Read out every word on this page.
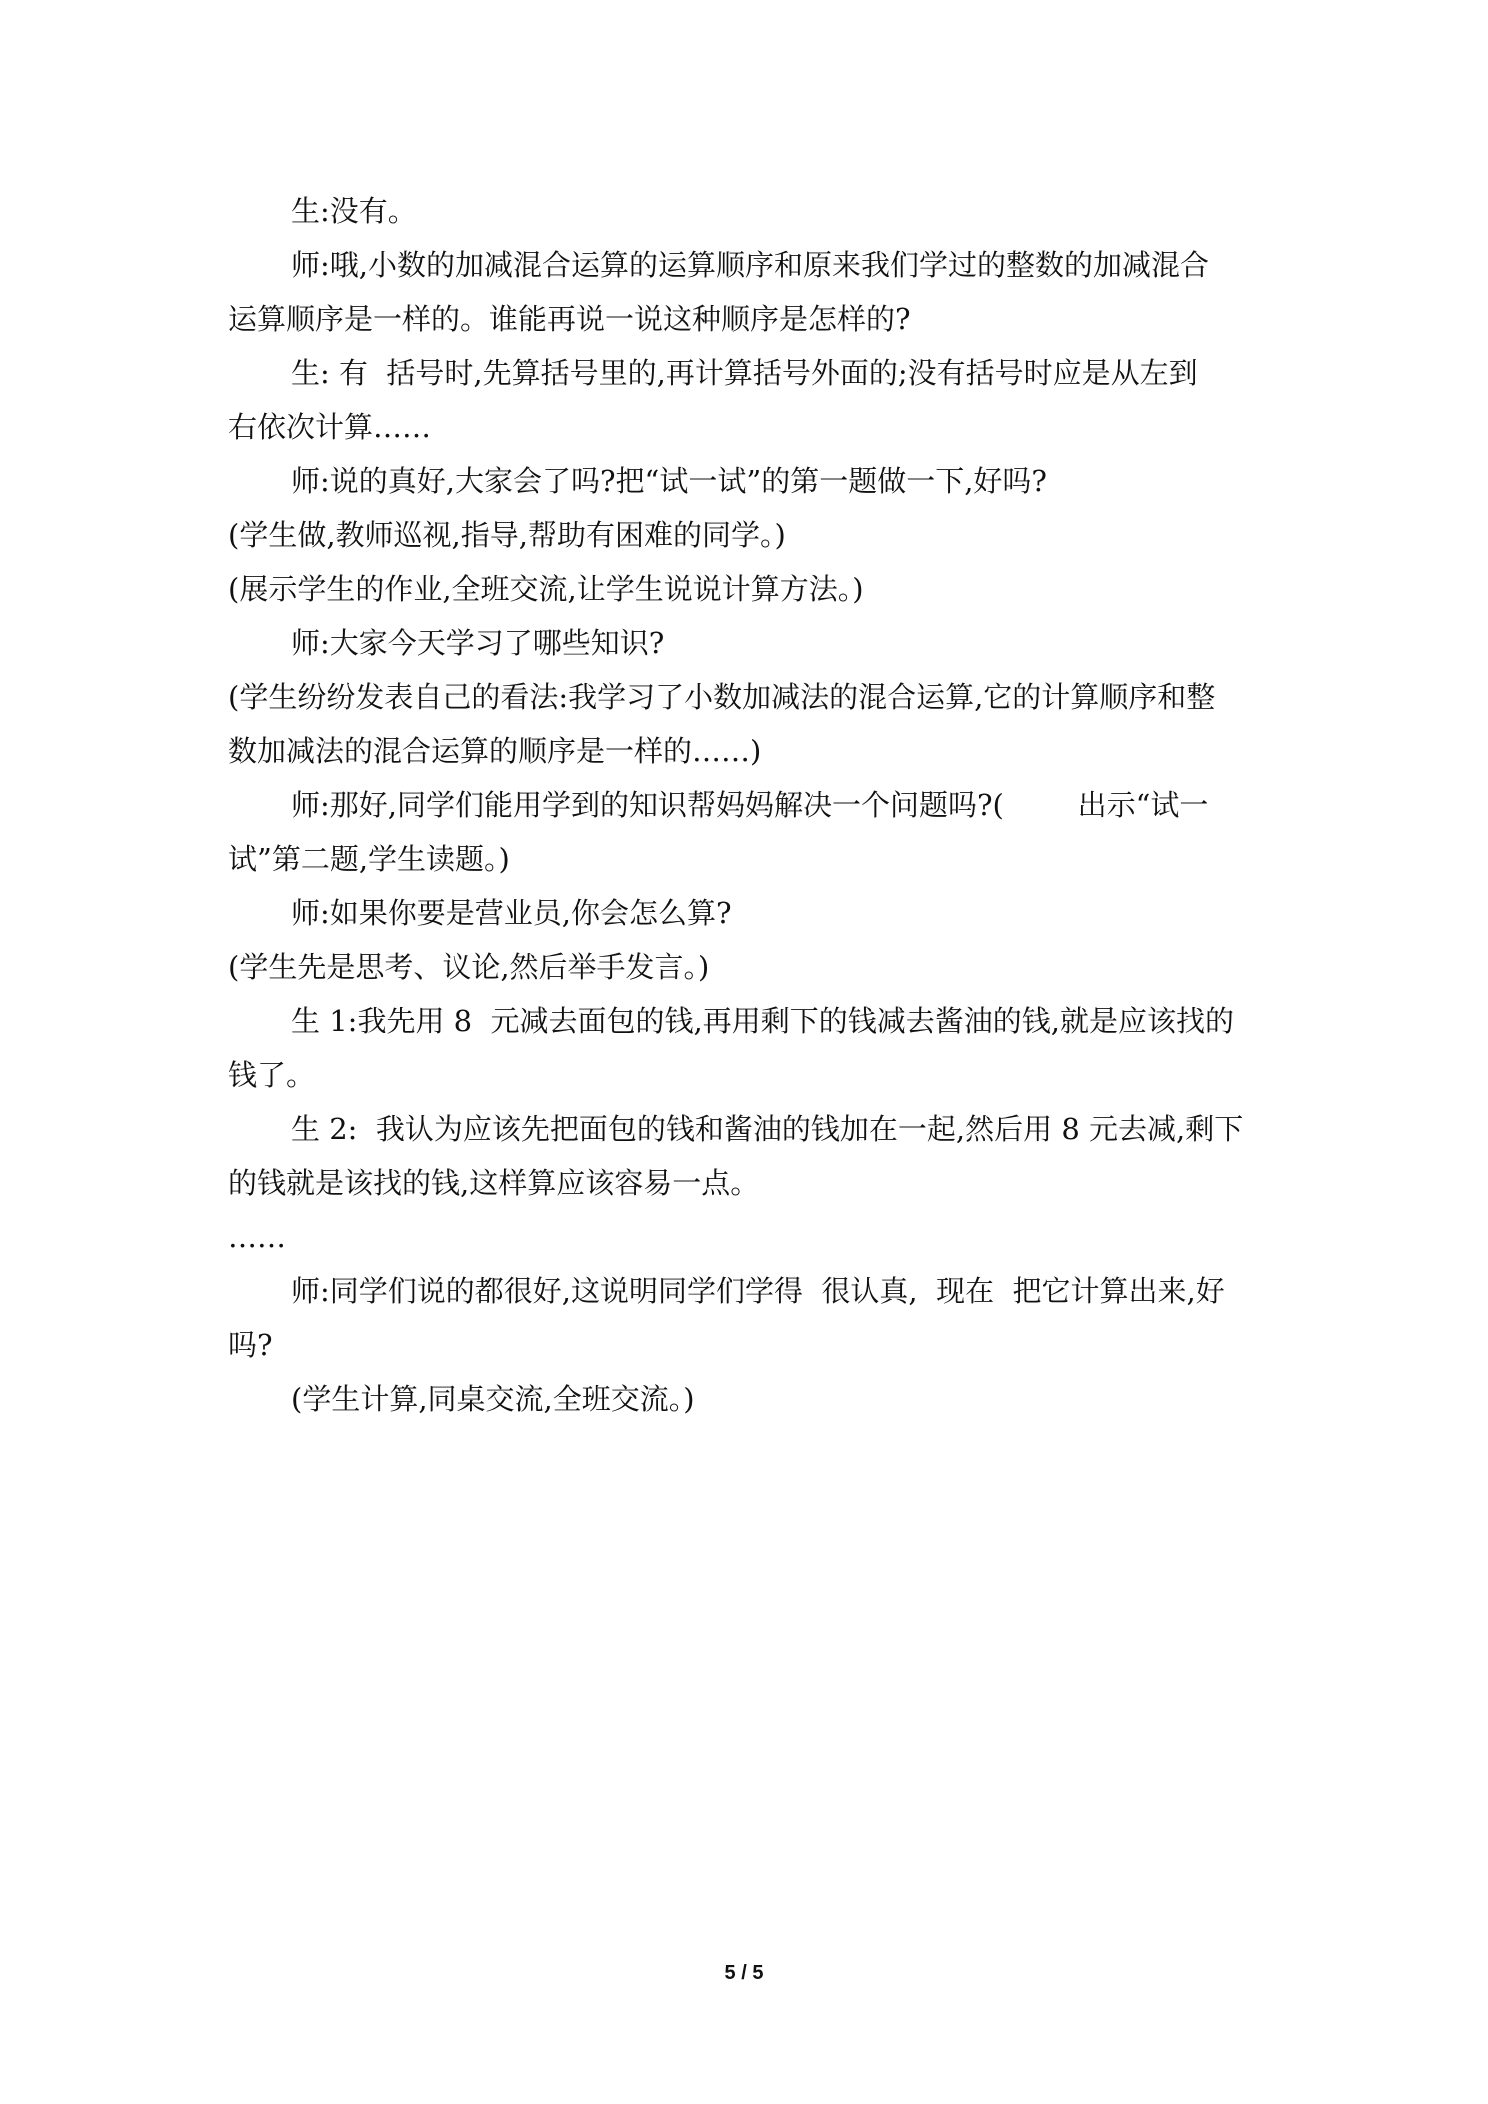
生:没有。

师:哦,小数的加减混合运算的运算顺序和原来我们学过的整数的加减混合

运算顺序是一样的。谁能再说一说这种顺序是怎样的?

生: 有  括号时,先算括号里的,再计算括号外面的;没有括号时应是从左到

右依次计算……

师:说的真好,大家会了吗?把“试一试”的第一题做一下,好吗?

(学生做,教师巡视,指导,帮助有困难的同学。)

(展示学生的作业,全班交流,让学生说说计算方法。)

师:大家今天学习了哪些知识?

(学生纷纷发表自己的看法:我学习了小数加减法的混合运算,它的计算顺序和整

数加减法的混合运算的顺序是一样的……)

师:那好,同学们能用学到的知识帮妈妈解决一个问题吗?(        出示“试一

试”第二题,学生读题。)

师:如果你要是营业员,你会怎么算?

(学生先是思考、议论,然后举手发言。)

生 1:我先用 8  元减去面包的钱,再用剩下的钱减去酱油的钱,就是应该找的

钱了。

生 2:  我认为应该先把面包的钱和酱油的钱加在一起,然后用 8 元去减,剩下

的钱就是该找的钱,这样算应该容易一点。

……

师:同学们说的都很好,这说明同学们学得  很认真,  现在  把它计算出来,好

吗?

(学生计算,同桌交流,全班交流。)

5 / 5
